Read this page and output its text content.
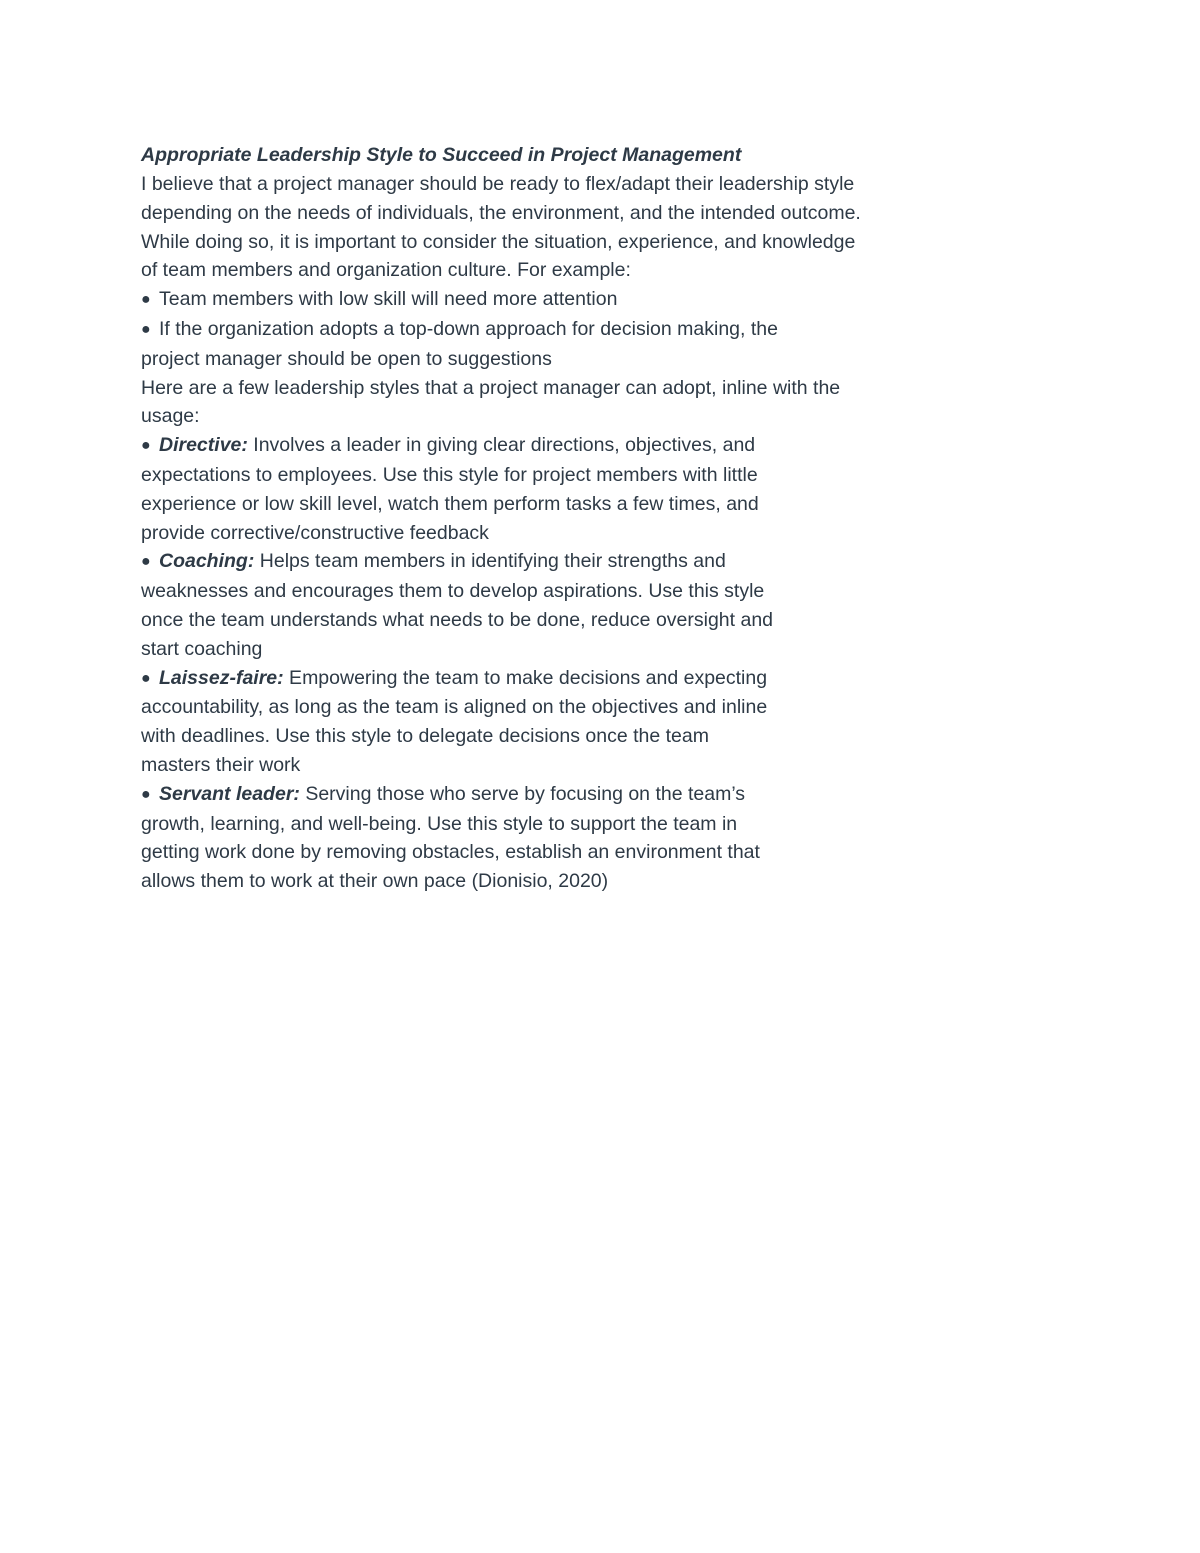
Appropriate Leadership Style to Succeed in Project Management

I believe that a project manager should be ready to flex/adapt their leadership style

depending on the needs of individuals, the environment, and the intended outcome.

While doing so, it is important to consider the situation, experience, and knowledge

of team members and organization culture. For example:

● Team members with low skill will need more attention

● If the organization adopts a top-down approach for decision making, the

project manager should be open to suggestions

Here are a few leadership styles that a project manager can adopt, inline with the

usage:

● Directive: Involves a leader in giving clear directions, objectives, and

expectations to employees. Use this style for project members with little

experience or low skill level, watch them perform tasks a few times, and

provide corrective/constructive feedback

● Coaching: Helps team members in identifying their strengths and

weaknesses and encourages them to develop aspirations. Use this style

once the team understands what needs to be done, reduce oversight and

start coaching

● Laissez-faire: Empowering the team to make decisions and expecting

accountability, as long as the team is aligned on the objectives and inline

with deadlines. Use this style to delegate decisions once the team

masters their work

● Servant leader: Serving those who serve by focusing on the team’s

growth, learning, and well-being. Use this style to support the team in

getting work done by removing obstacles, establish an environment that

allows them to work at their own pace (Dionisio, 2020)
